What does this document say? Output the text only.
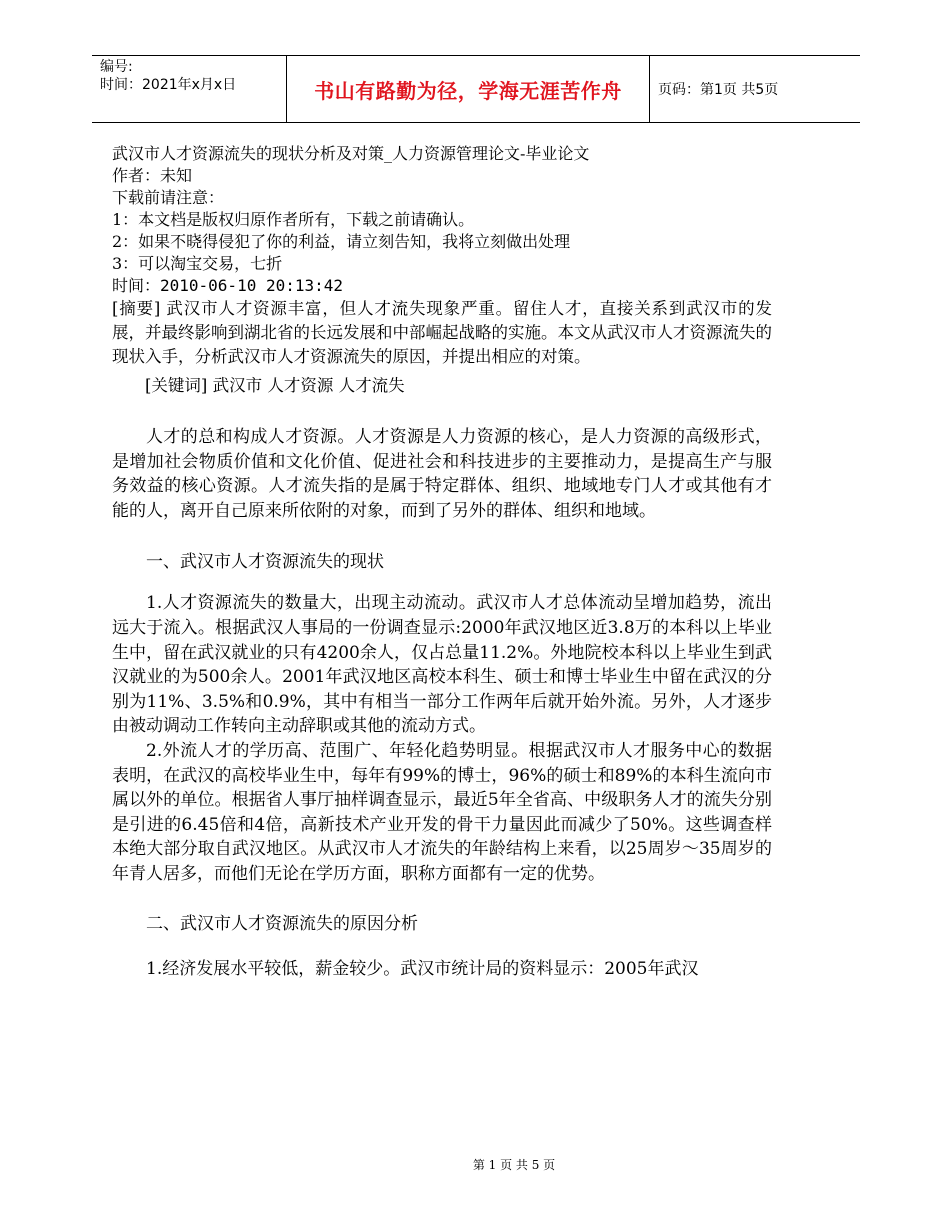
编号:
时间：2021年x月x日	书山有路勤为径，学海无涯苦作舟	页码：第1页 共5页

武汉市人才资源流失的现状分析及对策_人力资源管理论文-毕业论文

作者：未知

下载前请注意：

1：本文档是版权归原作者所有，下载之前请确认。

2：如果不晓得侵犯了你的利益，请立刻告知，我将立刻做出处理

3：可以淘宝交易，七折

时间：2010-06-10 20:13:42

[摘要] 武汉市人才资源丰富，但人才流失现象严重。留住人才，直接关系到武汉市的发展，并最终影响到湖北省的长远发展和中部崛起战略的实施。本文从武汉市人才资源流失的现状入手，分析武汉市人才资源流失的原因，并提出相应的对策。

[关键词] 武汉市 人才资源 人才流失

人才的总和构成人才资源。人才资源是人力资源的核心，是人力资源的高级形式，是增加社会物质价值和文化价值、促进社会和科技进步的主要推动力，是提高生产与服务效益的核心资源。人才流失指的是属于特定群体、组织、地域地专门人才或其他有才能的人，离开自己原来所依附的对象，而到了另外的群体、组织和地域。

一、武汉市人才资源流失的现状

1.人才资源流失的数量大，出现主动流动。武汉市人才总体流动呈增加趋势，流出远大于流入。根据武汉人事局的一份调查显示:2000年武汉地区近3.8万的本科以上毕业生中，留在武汉就业的只有4200余人，仅占总量11.2%。外地院校本科以上毕业生到武汉就业的为500余人。2001年武汉地区高校本科生、硕士和博士毕业生中留在武汉的分别为11%、3.5%和0.9%，其中有相当一部分工作两年后就开始外流。另外，人才逐步由被动调动工作转向主动辞职或其他的流动方式。

2.外流人才的学历高、范围广、年轻化趋势明显。根据武汉市人才服务中心的数据表明，在武汉的高校毕业生中，每年有99%的博士，96%的硕士和89%的本科生流向市属以外的单位。根据省人事厅抽样调查显示，最近5年全省高、中级职务人才的流失分别是引进的6.45倍和4倍，高新技术产业开发的骨干力量因此而减少了50%。这些调查样本绝大部分取自武汉地区。从武汉市人才流失的年龄结构上来看，以25周岁～35周岁的年青人居多，而他们无论在学历方面，职称方面都有一定的优势。

二、武汉市人才资源流失的原因分析

1.经济发展水平较低，薪金较少。武汉市统计局的资料显示：2005年武汉

第 1 页 共 5 页
